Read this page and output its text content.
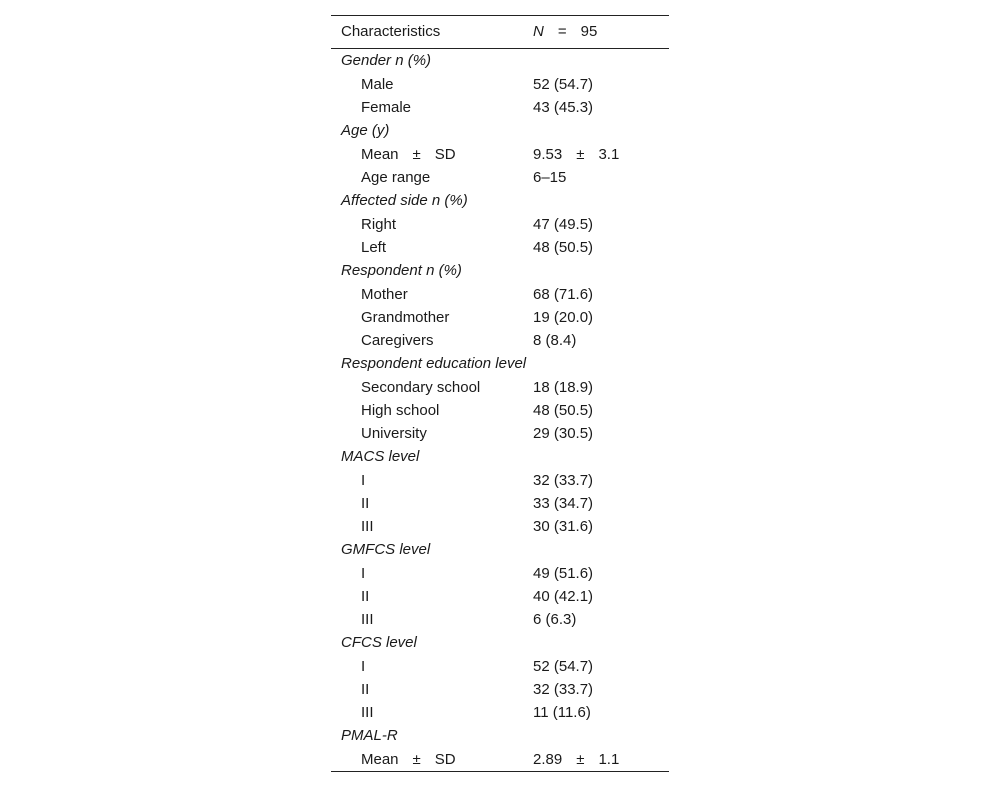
Characteristics	N = 95
Gender n (%)
Male	52 (54.7)
Female	43 (45.3)
Age (y)
Mean ± SD	9.53 ± 3.1
Age range	6–15
Affected side n (%)
Right	47 (49.5)
Left	48 (50.5)
Respondent n (%)
Mother	68 (71.6)
Grandmother	19 (20.0)
Caregivers	8 (8.4)
Respondent education level
Secondary school	18 (18.9)
High school	48 (50.5)
University	29 (30.5)
MACS level
I	32 (33.7)
II	33 (34.7)
III	30 (31.6)
GMFCS level
I	49 (51.6)
II	40 (42.1)
III	6 (6.3)
CFCS level
I	52 (54.7)
II	32 (33.7)
III	11 (11.6)
PMAL-R
Mean ± SD	2.89 ± 1.1
